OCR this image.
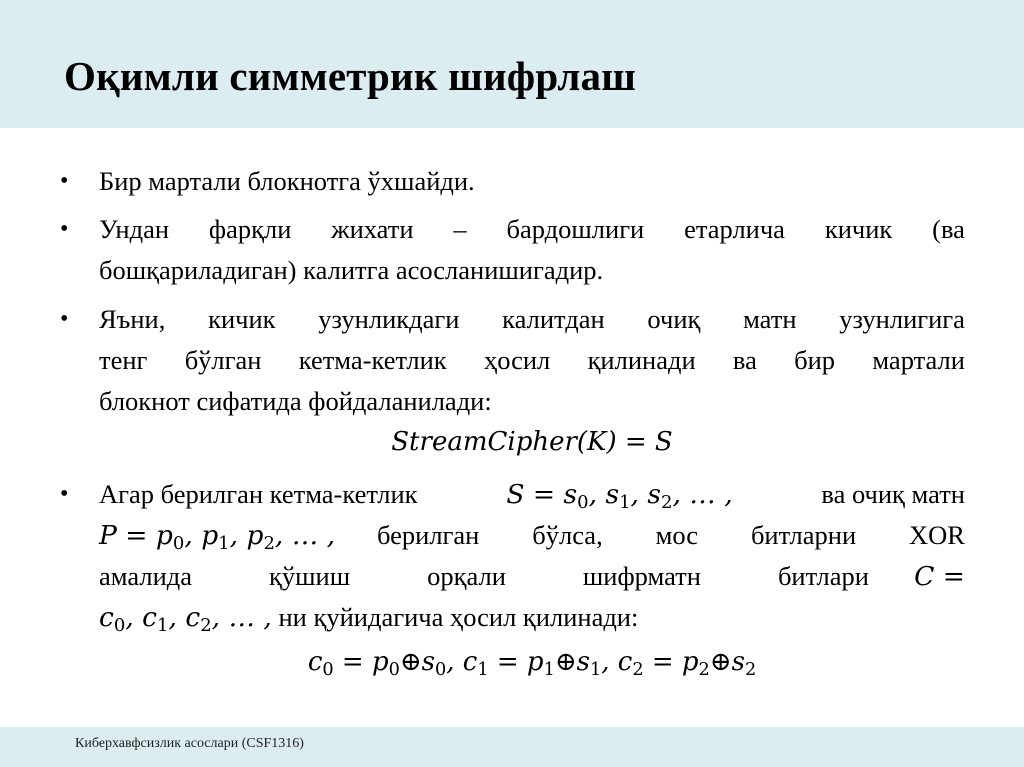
Оқимли симметрик шифрлаш
•	Бир мартали блокнотга ўхшайди.
•	Ундан фарқли жихати – бардошлиги етарлича кичик (ва
бошқариладиган) калитга асосланишигадир.
•	Яъни, кичик узунликдаги калитдан очиқ матн узунлигига
тенг бўлган кетма-кетлик ҳосил қилинади ва бир мартали
блокнот сифатида фойдаланилади:
StreamCipher(K) = S
•	Агар берилган кетма-кетлик	$S = s_0$, $s_1$, $s_2$, … ,	ва очиқ матн
$P = p_0$, $p_1$, $p_2$, … , берилган бўлса, мос битларни XOR
амалида	қўшиш	орқали	шифрматн	битлари C =
$c_0$, $c_1$, $c_2$, … , ни қуйидагича ҳосил қилинади:
$c_0$ = $p_0\oplus s_0$, $c_1$ = $p_1\oplus s_1$, $c_2$ = $p_2\oplus s_2$
Киберхавфсизлик асослари (CSF1316)
